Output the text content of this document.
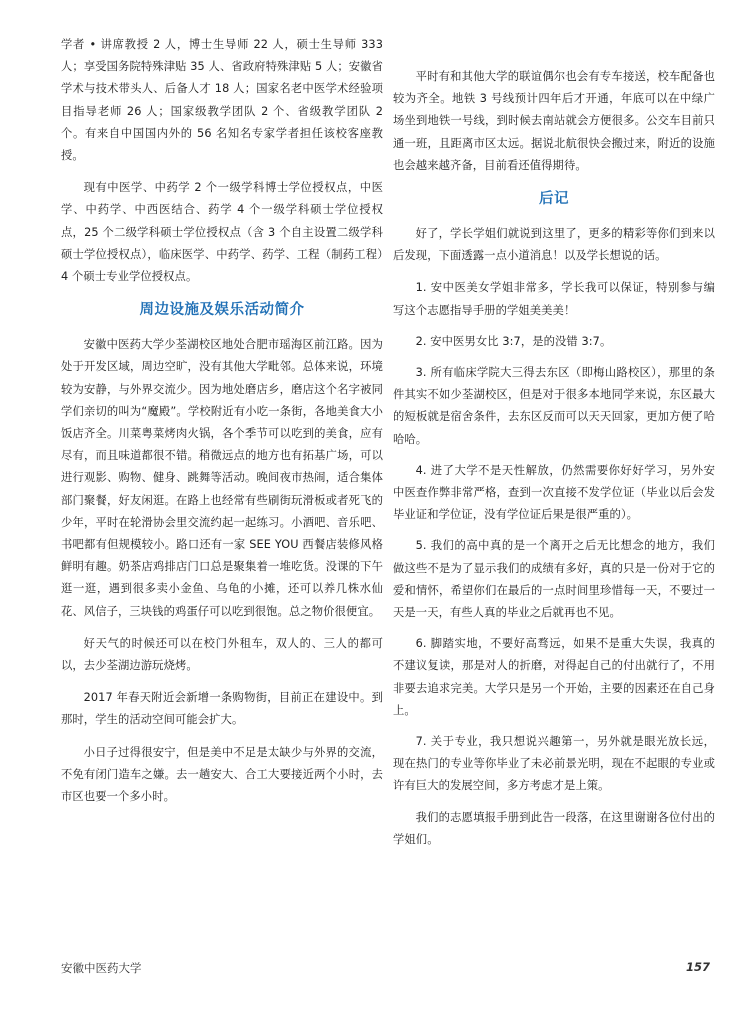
学者 • 讲席教授 2 人，博士生导师 22 人，硕士生导师 333 人；享受国务院特殊津贴 35 人、省政府特殊津贴 5 人；安徽省学术与技术带头人、后备人才 18 人；国家名老中医学术经验项目指导老师 26 人；国家级教学团队 2 个、省级教学团队 2 个。有来自中国国内外的 56 名知名专家学者担任该校客座教授。

现有中医学、中药学 2 个一级学科博士学位授权点，中医学、中药学、中西医结合、药学 4 个一级学科硕士学位授权点，25 个二级学科硕士学位授权点（含 3 个自主设置二级学科硕士学位授权点），临床医学、中药学、药学、工程（制药工程）4 个硕士专业学位授权点。

周边设施及娱乐活动简介

安徽中医药大学少荃湖校区地处合肥市瑶海区前江路。因为处于开发区域，周边空旷，没有其他大学毗邻。总体来说，环境较为安静，与外界交流少。因为地处磨店乡，磨店这个名字被同学们亲切的叫为“魔殿”。学校附近有小吃一条街，各地美食大小饭店齐全。川菜粤菜烤肉火锅，各个季节可以吃到的美食，应有尽有，而且味道都很不错。稍微远点的地方也有拓基广场，可以进行观影、购物、健身、跳舞等活动。晚间夜市热闹，适合集体部门聚餐，好友闲逛。在路上也经常有些刷街玩滑板或者死飞的少年，平时在轮滑协会里交流约起一起练习。小酒吧、音乐吧、书吧都有但规模较小。路口还有一家 SEE YOU 西餐店装修风格鲜明有趣。奶茶店鸡排店门口总是聚集着一堆吃货。没课的下午逛一逛，遇到很多卖小金鱼、乌龟的小摊，还可以养几株水仙花、风信子，三块钱的鸡蛋仔可以吃到很饱。总之物价很便宜。

好天气的时候还可以在校门外租车，双人的、三人的都可以，去少荃湖边游玩烧烤。

2017 年春天附近会新增一条购物街，目前正在建设中。到那时，学生的活动空间可能会扩大。

小日子过得很安宁，但是美中不足是太缺少与外界的交流，不免有闭门造车之嫌。去一趟安大、合工大要接近两个小时，去市区也要一个多小时。

平时有和其他大学的联谊偶尔也会有专车接送，校车配备也较为齐全。地铁 3 号线预计四年后才开通，年底可以在中绿广场坐到地铁一号线，到时候去南站就会方便很多。公交车目前只通一班，且距离市区太远。据说北航很快会搬过来，附近的设施也会越来越齐备，目前看还值得期待。

后记

好了，学长学姐们就说到这里了，更多的精彩等你们到来以后发现，下面透露一点小道消息！以及学长想说的话。

1. 安中医美女学姐非常多，学长我可以保证，特别参与编写这个志愿指导手册的学姐美美美！

2. 安中医男女比 3:7，是的没错 3:7。

3. 所有临床学院大三得去东区（即梅山路校区），那里的条件其实不如少荃湖校区，但是对于很多本地同学来说，东区最大的短板就是宿舍条件，去东区反而可以天天回家，更加方便了哈哈哈。

4. 进了大学不是天性解放，仍然需要你好好学习，另外安中医查作弊非常严格，查到一次直接不发学位证（毕业以后会发毕业证和学位证，没有学位证后果是很严重的）。

5. 我们的高中真的是一个离开之后无比想念的地方，我们做这些不是为了显示我们的成绩有多好，真的只是一份对于它的爱和情怀，希望你们在最后的一点时间里珍惜每一天，不要过一天是一天，有些人真的毕业之后就再也不见。

6. 脚踏实地，不要好高骛远，如果不是重大失误，我真的不建议复读，那是对人的折磨，对得起自己的付出就行了，不用非要去追求完美。大学只是另一个开始，主要的因素还在自己身上。

7. 关于专业，我只想说兴趣第一，另外就是眼光放长远，现在热门的专业等你毕业了未必前景光明，现在不起眼的专业或许有巨大的发展空间，多方考虑才是上策。

我们的志愿填报手册到此告一段落，在这里谢谢各位付出的学姐们。

安徽中医药大学	157
